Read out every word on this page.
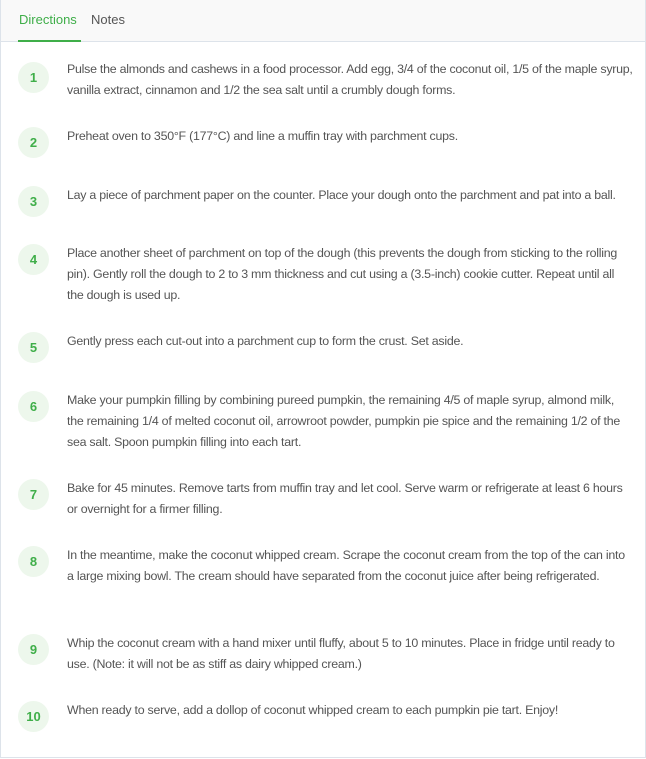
Directions Notes
1
Pulse the almonds and cashews in a food processor. Add egg, 3/4 of the coconut oil, 1/5 of the maple syrup, vanilla extract, cinnamon and 1/2 the sea salt until a crumbly dough forms.
2	Preheat oven to 350°F (177°C) and line a muffin tray with parchment cups.
3	Lay a piece of parchment paper on the counter. Place your dough onto the parchment and pat into a ball.
4	Place another sheet of parchment on top of the dough (this prevents the dough from sticking to the rolling pin). Gently roll the dough to 2 to 3 mm thickness and cut using a (3.5-inch) cookie cutter. Repeat until all the dough is used up.
5	Gently press each cut-out into a parchment cup to form the crust. Set aside.
6	Make your pumpkin filling by combining pureed pumpkin, the remaining 4/5 of maple syrup, almond milk, the remaining 1/4 of melted coconut oil, arrowroot powder, pumpkin pie spice and the remaining 1/2 of the sea salt. Spoon pumpkin filling into each tart.
7	Bake for 45 minutes. Remove tarts from muffin tray and let cool. Serve warm or refrigerate at least 6 hours or overnight for a firmer filling.
8	In the meantime, make the coconut whipped cream. Scrape the coconut cream from the top of the can into a large mixing bowl. The cream should have separated from the coconut juice after being refrigerated.
9	Whip the coconut cream with a hand mixer until fluffy, about 5 to 10 minutes. Place in fridge until ready to use. (Note: it will not be as stiff as dairy whipped cream.)
10	When ready to serve, add a dollop of coconut whipped cream to each pumpkin pie tart. Enjoy!
